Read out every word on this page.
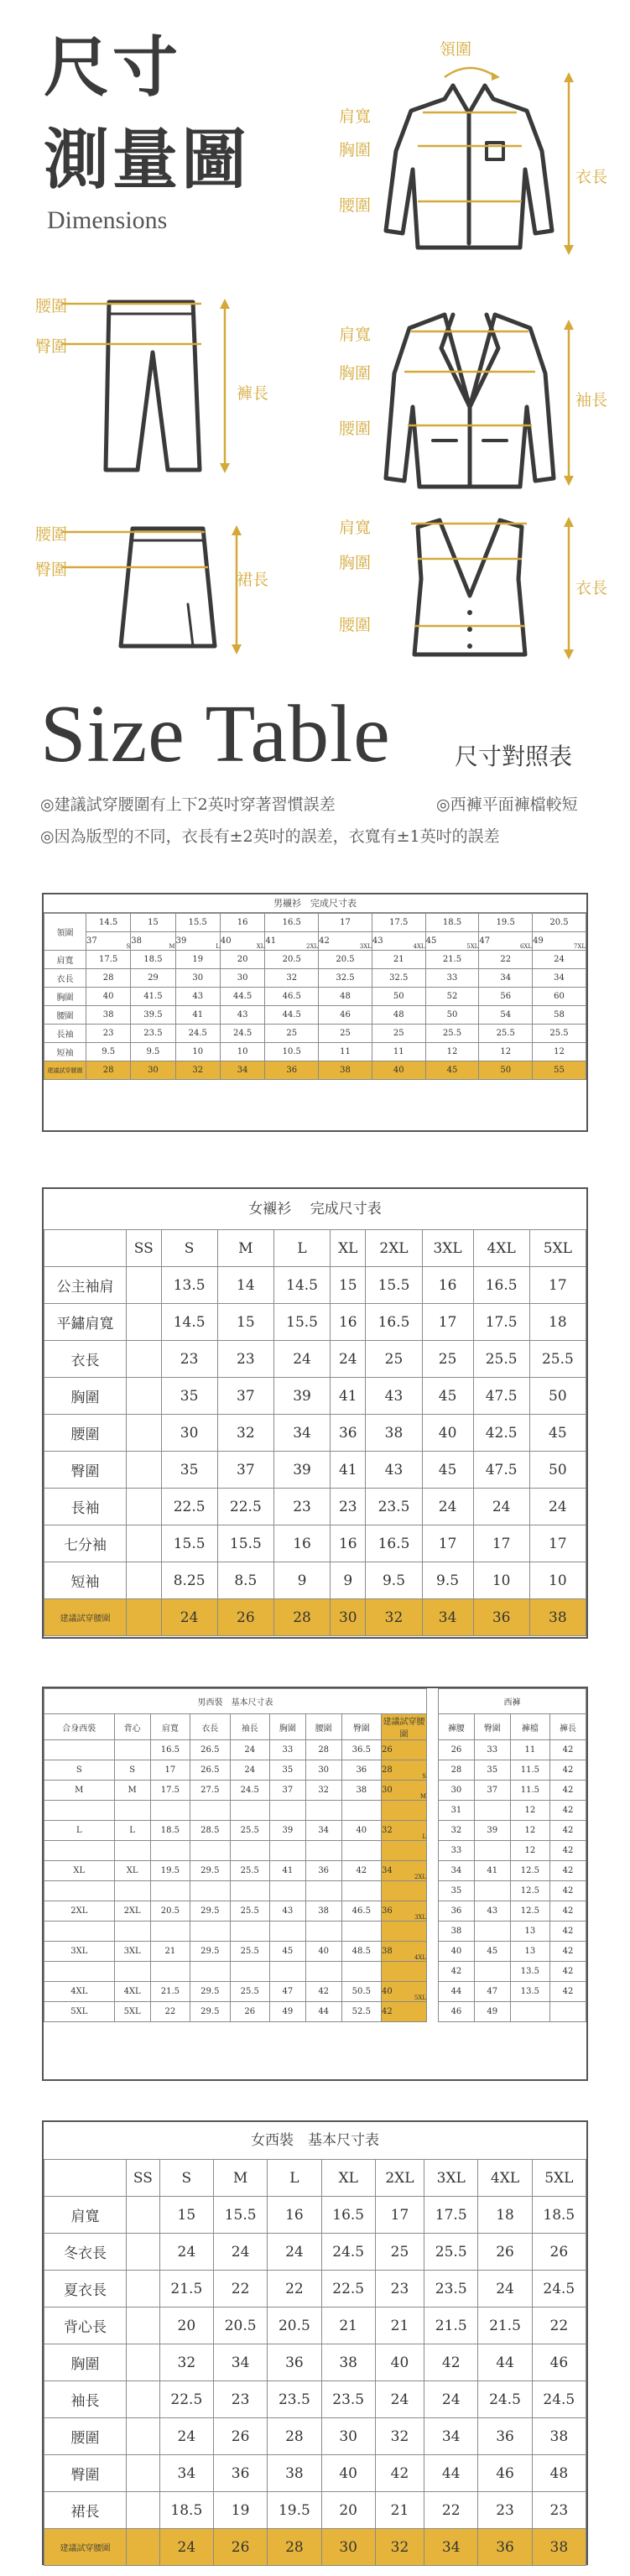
尺寸
測量圖
Dimensions
領圍
肩寬
胸圍
腰圍
衣長
腰圍
臀圍
褲長
肩寬
胸圍
腰圍
袖長
腰圍
臀圍
裙長
肩寬
胸圍
腰圍
衣長
Size Table	尺寸對照表
◎建議試穿腰圍有上下2英吋穿著習慣誤差	◎西褲平面褲檔較短
◎因為版型的不同，衣長有±2英吋的誤差，衣寬有±1英吋的誤差
男襯衫　完成尺寸表
領圍	14.5		15		15.5		16		16.5		17		17.5		18.5		19.5		20.5	
	37	S	38	M	39	L	40	XL	41	2XL	42	3XL	43	4XL	45	5XL	47	6XL	49	7XL
肩寬	17.5		18.5		19		20		20.5		20.5		21		21.5		22		24	
衣長	28		29		30		30		32		32.5		32.5		33		34		34	
胸圍	40		41.5		43		44.5		46.5		48		50		52		56		60	
腰圍	38		39.5		41		43		44.5		46		48		50		54		58	
長袖	23		23.5		24.5		24.5		25		25		25		25.5		25.5		25.5	
短袖	9.5		9.5		10		10		10.5		11		11		12		12		12	
建議試穿腰圍	28		30		32		34		36		38		40		45		50		55	
女襯衫　 完成尺寸表
	SS	S	M	L	XL	2XL	3XL	4XL	5XL
公主袖肩		13.5	14	14.5	15	15.5	16	16.5	17
平鏽肩寬		14.5	15	15.5	16	16.5	17	17.5	18
衣長		23	23	24	24	25	25	25.5	25.5
胸圍		35	37	39	41	43	45	47.5	50
腰圍		30	32	34	36	38	40	42.5	45
臀圍		35	37	39	41	43	45	47.5	50
長袖		22.5	22.5	23	23	23.5	24	24	24
七分袖		15.5	15.5	16	16	16.5	17	17	17
短袖		8.25	8.5	9	9	9.5	9.5	10	10
建議試穿腰圍		24	26	28	30	32	34	36	38
男西裝　基本尺寸表											西褲			
合身西裝	背心	肩寬	衣長	袖長	胸圍	腰圍	臀圍	建議試穿腰圍			褲腰	臀圍	褲檔	褲長
		16.5	26.5	24	33	28	36.5	26			26	33	11	42
S	S	17	26.5	24	35	30	36	28	S		28	35	11.5	42
M	M	17.5	27.5	24.5	37	32	38	30	M		30	37	11.5	42
											31		12	42
L	L	18.5	28.5	25.5	39	34	40	32	L		32	39	12	42
											33		12	42
XL	XL	19.5	29.5	25.5	41	36	42	34	2XL		34	41	12.5	42
											35		12.5	42
2XL	2XL	20.5	29.5	25.5	43	38	46.5	36	3XL		36	43	12.5	42
											38		13	42
3XL	3XL	21	29.5	25.5	45	40	48.5	38	4XL		40	45	13	42
											42		13.5	42
4XL	4XL	21.5	29.5	25.5	47	42	50.5	40	5XL		44	47	13.5	42
5XL	5XL	22	29.5	26	49	44	52.5	42			46	49		
女西裝　基本尺寸表
	SS	S	M	L	XL	2XL	3XL	4XL	5XL
肩寬		15	15.5	16	16.5	17	17.5	18	18.5
冬衣長		24	24	24	24.5	25	25.5	26	26
夏衣長		21.5	22	22	22.5	23	23.5	24	24.5
背心長		20	20.5	20.5	21	21	21.5	21.5	22
胸圍		32	34	36	38	40	42	44	46
袖長		22.5	23	23.5	23.5	24	24	24.5	24.5
腰圍		24	26	28	30	32	34	36	38
臀圍		34	36	38	40	42	44	46	48
裙長		18.5	19	19.5	20	21	22	23	23
建議試穿腰圍		24	26	28	30	32	34	36	38
